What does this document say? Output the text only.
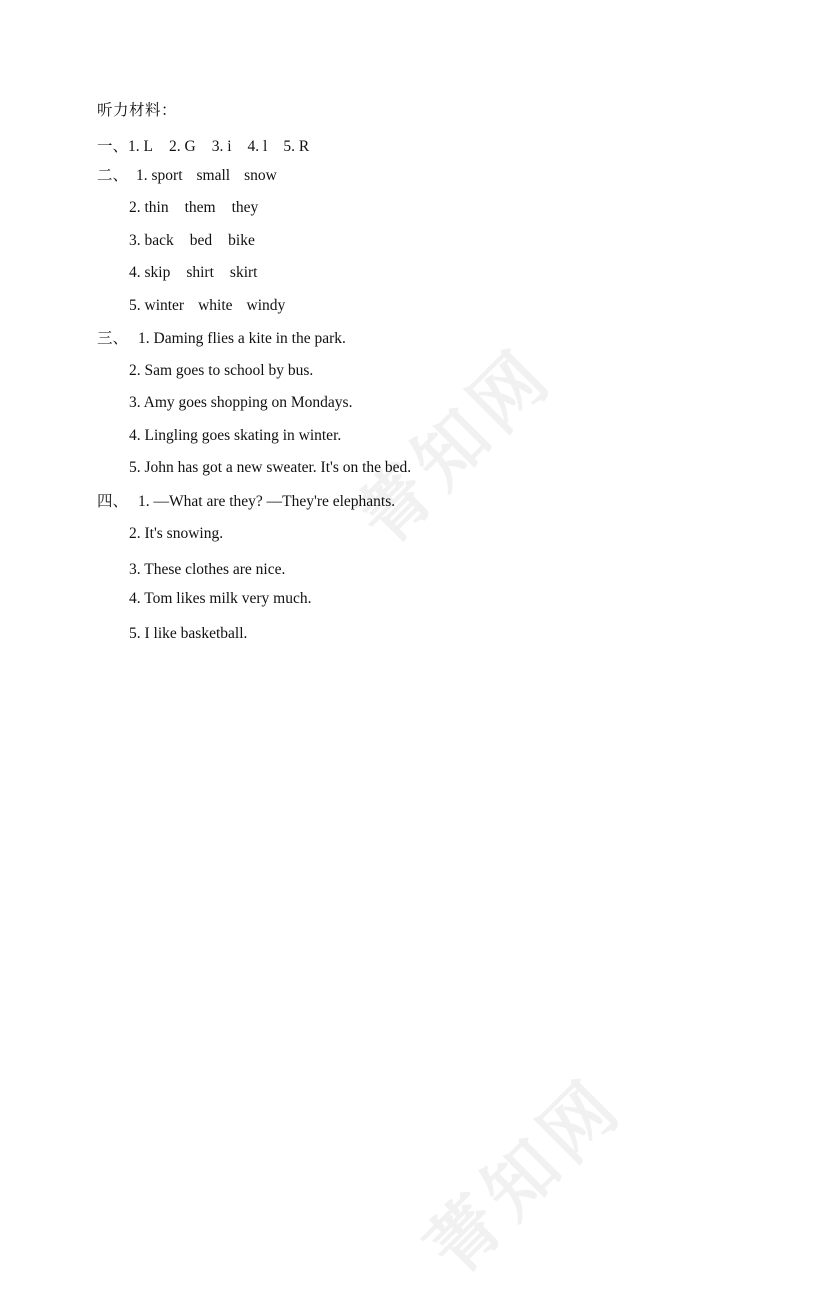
菁知网
菁知网
听力材料：
一、1. L 2. G 3. i 4. l 5. R
二、 1. sport small snow
2. thin them they
3. back bed bike
4. skip shirt skirt
5. winter white windy
三、 1. Daming flies a kite in the park.
2. Sam goes to school by bus.
3. Amy goes shopping on Mondays.
4. Lingling goes skating in winter.
5. John has got a new sweater. It's on the bed.
四、 1. —What are they? —They're elephants.
2. It's snowing.
3. These clothes are nice.
4. Tom likes milk very much.
5. I like basketball.
